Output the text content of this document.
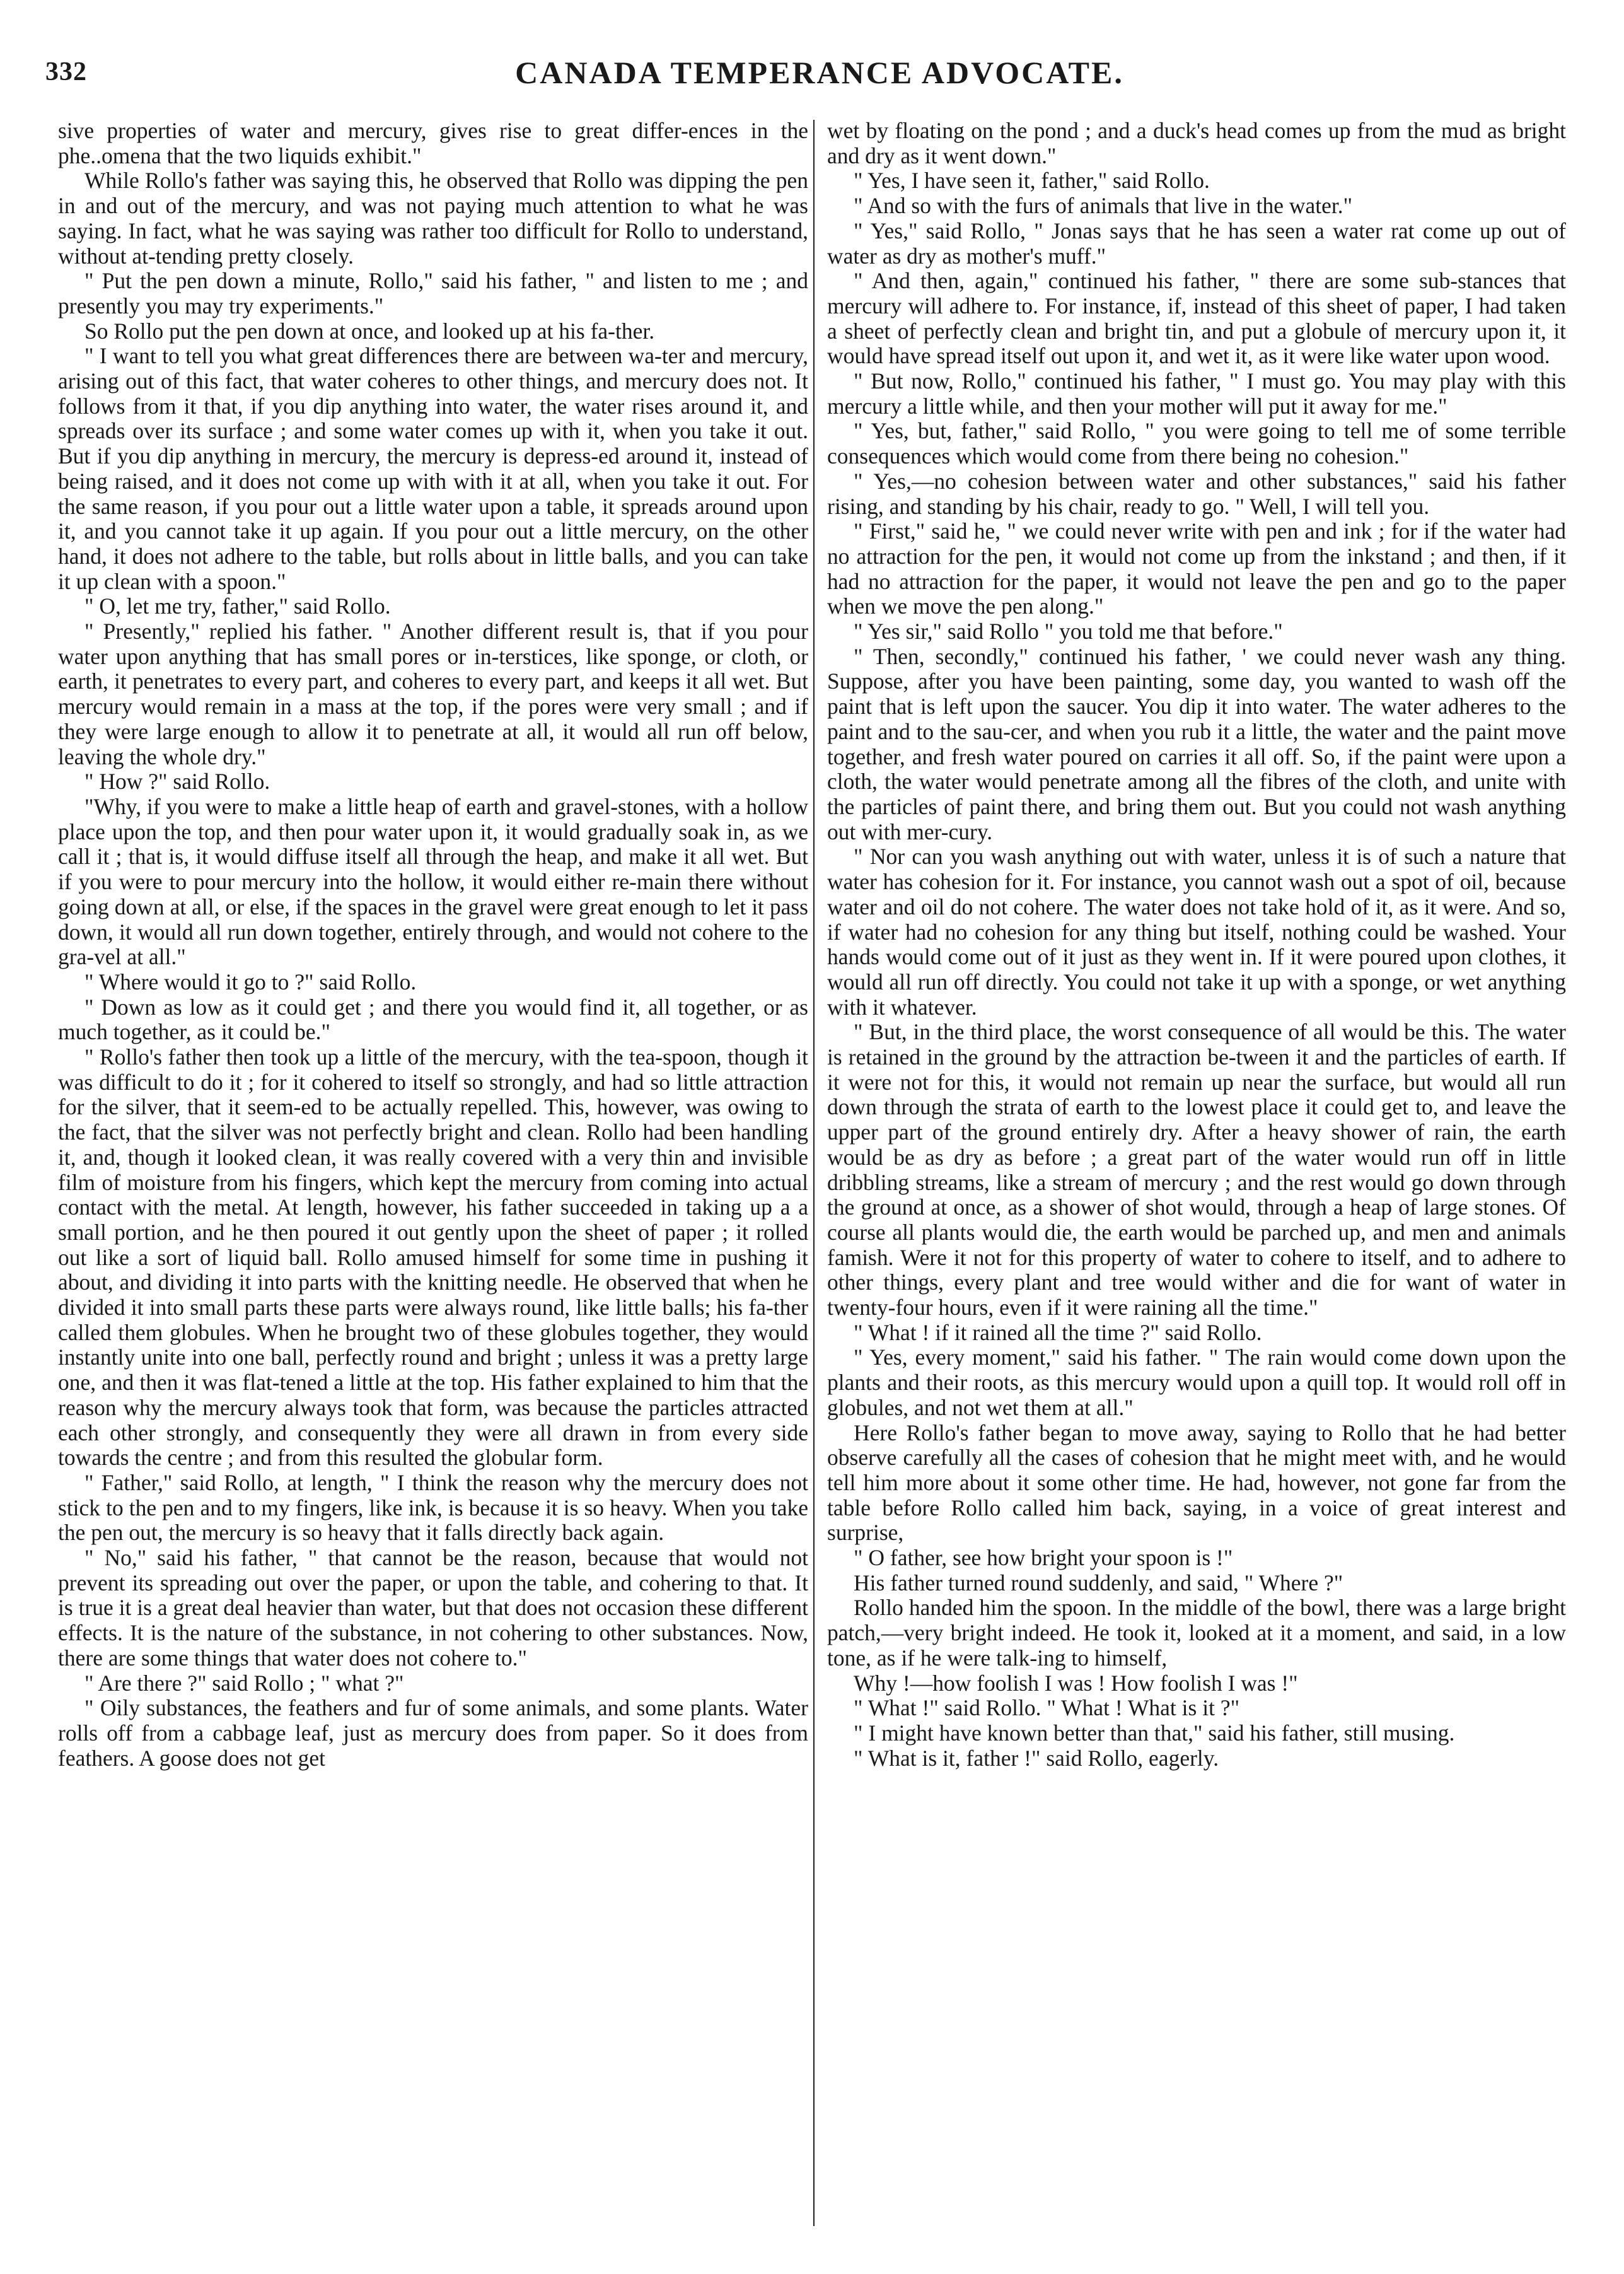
332	CANADA TEMPERANCE ADVOCATE.

sive properties of water and mercury, gives rise to great differ-ences in the phe..omena that the two liquids exhibit."

While Rollo's father was saying this, he observed that Rollo was dipping the pen in and out of the mercury, and was not paying much attention to what he was saying. In fact, what he was saying was rather too difficult for Rollo to understand, without at-tending pretty closely.

" Put the pen down a minute, Rollo," said his father, " and listen to me ; and presently you may try experiments."

So Rollo put the pen down at once, and looked up at his fa-ther.

" I want to tell you what great differences there are between wa-ter and mercury, arising out of this fact, that water coheres to other things, and mercury does not. It follows from it that, if you dip anything into water, the water rises around it, and spreads over its surface ; and some water comes up with it, when you take it out. But if you dip anything in mercury, the mercury is depress-ed around it, instead of being raised, and it does not come up with with it at all, when you take it out. For the same reason, if you pour out a little water upon a table, it spreads around upon it, and you cannot take it up again. If you pour out a little mercury, on the other hand, it does not adhere to the table, but rolls about in little balls, and you can take it up clean with a spoon."

" O, let me try, father," said Rollo.

" Presently," replied his father. " Another different result is, that if you pour water upon anything that has small pores or in-terstices, like sponge, or cloth, or earth, it penetrates to every part, and coheres to every part, and keeps it all wet. But mercury would remain in a mass at the top, if the pores were very small ; and if they were large enough to allow it to penetrate at all, it would all run off below, leaving the whole dry."

" How ?" said Rollo.

"Why, if you were to make a little heap of earth and gravel-stones, with a hollow place upon the top, and then pour water upon it, it would gradually soak in, as we call it ; that is, it would diffuse itself all through the heap, and make it all wet. But if you were to pour mercury into the hollow, it would either re-main there without going down at all, or else, if the spaces in the gravel were great enough to let it pass down, it would all run down together, entirely through, and would not cohere to the gra-vel at all."

" Where would it go to ?" said Rollo.

" Down as low as it could get ; and there you would find it, all together, or as much together, as it could be."

" Rollo's father then took up a little of the mercury, with the tea-spoon, though it was difficult to do it ; for it cohered to itself so strongly, and had so little attraction for the silver, that it seem-ed to be actually repelled. This, however, was owing to the fact, that the silver was not perfectly bright and clean. Rollo had been handling it, and, though it looked clean, it was really covered with a very thin and invisible film of moisture from his fingers, which kept the mercury from coming into actual contact with the metal. At length, however, his father succeeded in taking up a a small portion, and he then poured it out gently upon the sheet of paper ; it rolled out like a sort of liquid ball. Rollo amused himself for some time in pushing it about, and dividing it into parts with the knitting needle. He observed that when he divided it into small parts these parts were always round, like little balls; his fa-ther called them globules. When he brought two of these globules together, they would instantly unite into one ball, perfectly round and bright ; unless it was a pretty large one, and then it was flat-tened a little at the top. His father explained to him that the reason why the mercury always took that form, was because the particles attracted each other strongly, and consequently they were all drawn in from every side towards the centre ; and from this resulted the globular form.

" Father," said Rollo, at length, " I think the reason why the mercury does not stick to the pen and to my fingers, like ink, is because it is so heavy. When you take the pen out, the mercury is so heavy that it falls directly back again.

" No," said his father, " that cannot be the reason, because that would not prevent its spreading out over the paper, or upon the table, and cohering to that. It is true it is a great deal heavier than water, but that does not occasion these different effects. It is the nature of the substance, in not cohering to other substances. Now, there are some things that water does not cohere to."

" Are there ?" said Rollo ; " what ?"

" Oily substances, the feathers and fur of some animals, and some plants. Water rolls off from a cabbage leaf, just as mercury does from paper. So it does from feathers. A goose does not get

wet by floating on the pond ; and a duck's head comes up from the mud as bright and dry as it went down."

" Yes, I have seen it, father," said Rollo.

" And so with the furs of animals that live in the water."

" Yes," said Rollo, " Jonas says that he has seen a water rat come up out of water as dry as mother's muff."

" And then, again," continued his father, " there are some sub-stances that mercury will adhere to. For instance, if, instead of this sheet of paper, I had taken a sheet of perfectly clean and bright tin, and put a globule of mercury upon it, it would have spread itself out upon it, and wet it, as it were like water upon wood.

" But now, Rollo," continued his father, " I must go. You may play with this mercury a little while, and then your mother will put it away for me."

" Yes, but, father," said Rollo, " you were going to tell me of some terrible consequences which would come from there being no cohesion."

" Yes,—no cohesion between water and other substances," said his father rising, and standing by his chair, ready to go. " Well, I will tell you.

" First," said he, " we could never write with pen and ink ; for if the water had no attraction for the pen, it would not come up from the inkstand ; and then, if it had no attraction for the paper, it would not leave the pen and go to the paper when we move the pen along."

" Yes sir," said Rollo " you told me that before."

" Then, secondly," continued his father, ' we could never wash any thing. Suppose, after you have been painting, some day, you wanted to wash off the paint that is left upon the saucer. You dip it into water. The water adheres to the paint and to the sau-cer, and when you rub it a little, the water and the paint move together, and fresh water poured on carries it all off. So, if the paint were upon a cloth, the water would penetrate among all the fibres of the cloth, and unite with the particles of paint there, and bring them out. But you could not wash anything out with mer-cury.

" Nor can you wash anything out with water, unless it is of such a nature that water has cohesion for it. For instance, you cannot wash out a spot of oil, because water and oil do not cohere. The water does not take hold of it, as it were. And so, if water had no cohesion for any thing but itself, nothing could be washed. Your hands would come out of it just as they went in. If it were poured upon clothes, it would all run off directly. You could not take it up with a sponge, or wet anything with it whatever.

" But, in the third place, the worst consequence of all would be this. The water is retained in the ground by the attraction be-tween it and the particles of earth. If it were not for this, it would not remain up near the surface, but would all run down through the strata of earth to the lowest place it could get to, and leave the upper part of the ground entirely dry. After a heavy shower of rain, the earth would be as dry as before ; a great part of the water would run off in little dribbling streams, like a stream of mercury ; and the rest would go down through the ground at once, as a shower of shot would, through a heap of large stones. Of course all plants would die, the earth would be parched up, and men and animals famish. Were it not for this property of water to cohere to itself, and to adhere to other things, every plant and tree would wither and die for want of water in twenty-four hours, even if it were raining all the time."

" What ! if it rained all the time ?" said Rollo.

" Yes, every moment," said his father. " The rain would come down upon the plants and their roots, as this mercury would upon a quill top. It would roll off in globules, and not wet them at all."

Here Rollo's father began to move away, saying to Rollo that he had better observe carefully all the cases of cohesion that he might meet with, and he would tell him more about it some other time. He had, however, not gone far from the table before Rollo called him back, saying, in a voice of great interest and surprise,

" O father, see how bright your spoon is !"

His father turned round suddenly, and said, " Where ?"

Rollo handed him the spoon. In the middle of the bowl, there was a large bright patch,—very bright indeed. He took it, looked at it a moment, and said, in a low tone, as if he were talk-ing to himself,

Why !—how foolish I was ! How foolish I was !"

" What !" said Rollo. " What ! What is it ?"

" I might have known better than that," said his father, still musing.

" What is it, father !" said Rollo, eagerly.
